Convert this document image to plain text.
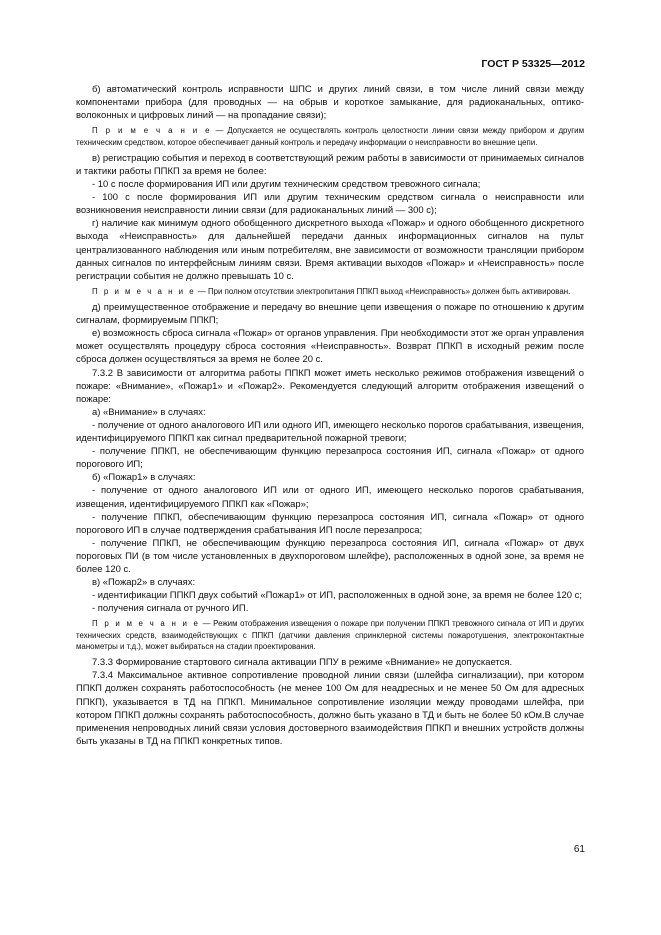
ГОСТ Р 53325—2012

б) автоматический контроль исправности ШПС и других линий связи, в том числе линий связи между компонентами прибора (для проводных — на обрыв и короткое замыкание, для радиоканальных, оптико-волоконных и цифровых линий — на пропадание связи);

П р и м е ч а н и е — Допускается не осуществлять контроль целостности линии связи между прибором и другим техническим средством, которое обеспечивает данный контроль и передачу информации о неисправности во внешние цепи.

в) регистрацию события и переход в соответствующий режим работы в зависимости от принимаемых сигналов и тактики работы ППКП за время не более:

- 10 с после формирования ИП или другим техническим средством тревожного сигнала;

- 100 с после формирования ИП или другим техническим средством сигнала о неисправности или возникновения неисправности линии связи (для радиоканальных линий — 300 с);

г) наличие как минимум одного обобщенного дискретного выхода «Пожар» и одного обобщенного дискретного выхода «Неисправность» для дальнейшей передачи данных информационных сигналов на пульт централизованного наблюдения или иным потребителям, вне зависимости от возможности трансляции прибором данных сигналов по интерфейсным линиям связи. Время активации выходов «Пожар» и «Неисправность» после регистрации события не должно превышать 10 с.

П р и м е ч а н и е — При полном отсутствии электропитания ППКП выход «Неисправность» должен быть активирован.

д) преимущественное отображение и передачу во внешние цепи извещения о пожаре по отношению к другим сигналам, формируемым ППКП;

е) возможность сброса сигнала «Пожар» от органов управления. При необходимости этот же орган управления может осуществлять процедуру сброса состояния «Неисправность». Возврат ППКП в исходный режим после сброса должен осуществляться за время не более 20 с.

7.3.2 В зависимости от алгоритма работы ППКП может иметь несколько режимов отображения извещений о пожаре: «Внимание», «Пожар1» и «Пожар2». Рекомендуется следующий алгоритм отображения извещений о пожаре:

а) «Внимание» в случаях:

- получение от одного аналогового ИП или одного ИП, имеющего несколько порогов срабатывания, извещения, идентифицируемого ППКП как сигнал предварительной пожарной тревоги;

- получение ППКП, не обеспечивающим функцию перезапроса состояния ИП, сигнала «Пожар» от одного порогового ИП;

б) «Пожар1» в случаях:

- получение от одного аналогового ИП или от одного ИП, имеющего несколько порогов срабатывания, извещения, идентифицируемого ППКП как «Пожар»;

- получение ППКП, обеспечивающим функцию перезапроса состояния ИП, сигнала «Пожар» от одного порогового ИП в случае подтверждения срабатывания ИП после перезапроса;

- получение ППКП, не обеспечивающим функцию перезапроса состояния ИП, сигнала «Пожар» от двух пороговых ПИ (в том числе установленных в двухпороговом шлейфе), расположенных в одной зоне, за время не более 120 с.

в) «Пожар2» в случаях:

- идентификации ППКП двух событий «Пожар1» от ИП, расположенных в одной зоне, за время не более 120 с;

- получения сигнала от ручного ИП.

П р и м е ч а н и е — Режим отображения извещения о пожаре при получении ППКП тревожного сигнала от ИП и других технических средств, взаимодействующих с ППКП (датчики давления спринклерной системы пожаротушения, электроконтактные манометры и т.д.), может выбираться на стадии проектирования.

7.3.3 Формирование стартового сигнала активации ППУ в режиме «Внимание» не допускается.

7.3.4 Максимальное активное сопротивление проводной линии связи (шлейфа сигнализации), при котором ППКП должен сохранять работоспособность (не менее 100 Ом для неадресных и не менее 50 Ом для адресных ППКП), указывается в ТД на ППКП. Минимальное сопротивление изоляции между проводами шлейфа, при котором ППКП должны сохранять работоспособность, должно быть указано в ТД и быть не более 50 кОм.В случае применения непроводных линий связи условия достоверного взаимодействия ППКП и внешних устройств должны быть указаны в ТД на ППКП конкретных типов.

61
